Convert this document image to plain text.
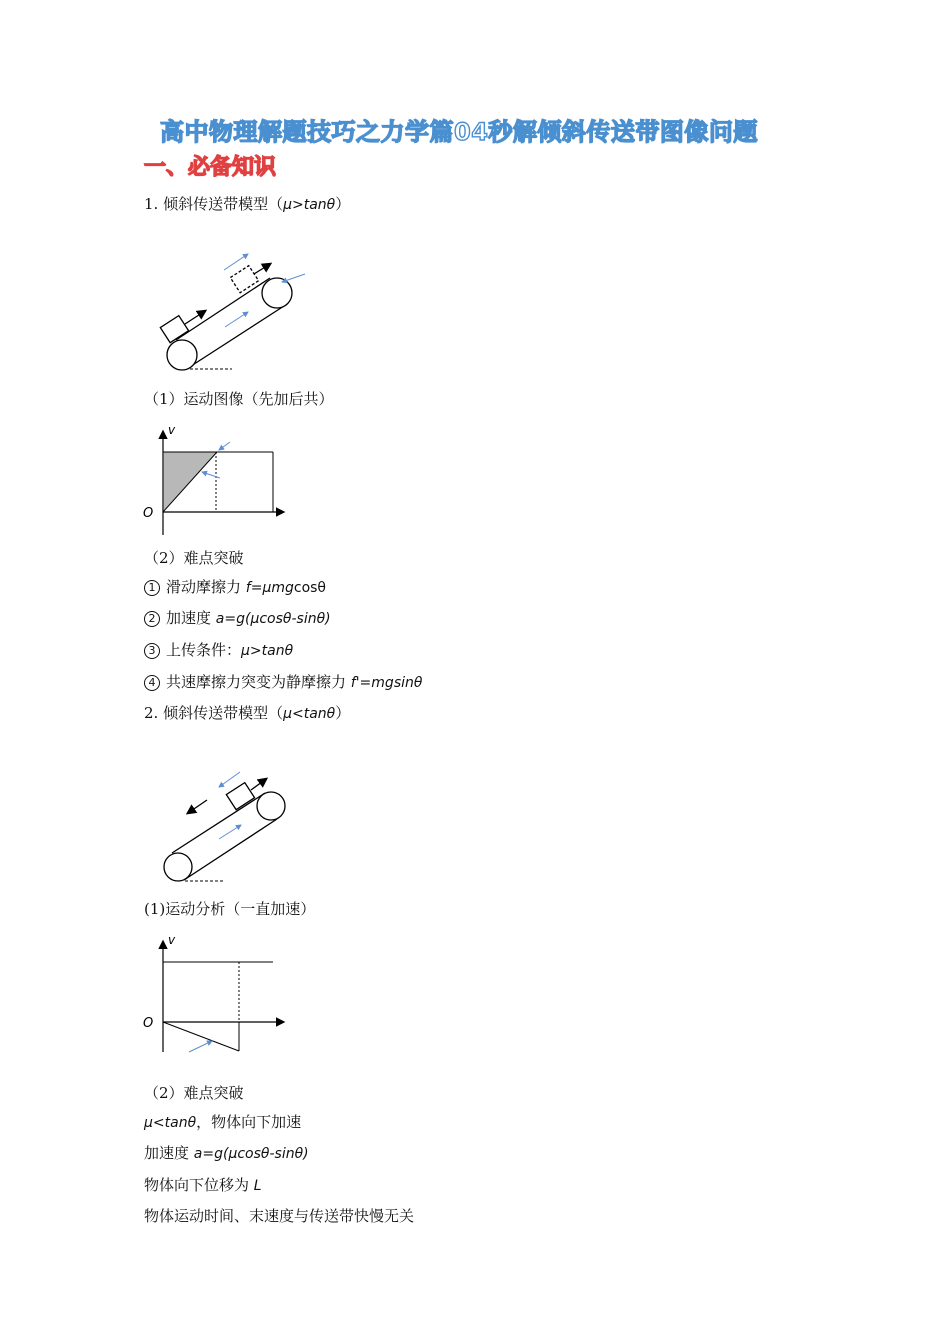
高中物理解题技巧之力学篇04秒解倾斜传送带图像问题
一、必备知识
1. 倾斜传送带模型（μ>tanθ）
（1）运动图像（先加后共）
v
O
（2）难点突破
1 滑动摩擦力 f=μmgcosθ
2 加速度 a=g(μcosθ-sinθ)
3 上传条件：μ>tanθ
4 共速摩擦力突变为静摩擦力 f'=mgsinθ
2. 倾斜传送带模型（μ<tanθ）
(1)运动分析（一直加速）
v
O
（2）难点突破
μ<tanθ，物体向下加速
加速度 a=g(μcosθ-sinθ)
物体向下位移为 L
物体运动时间、末速度与传送带快慢无关
